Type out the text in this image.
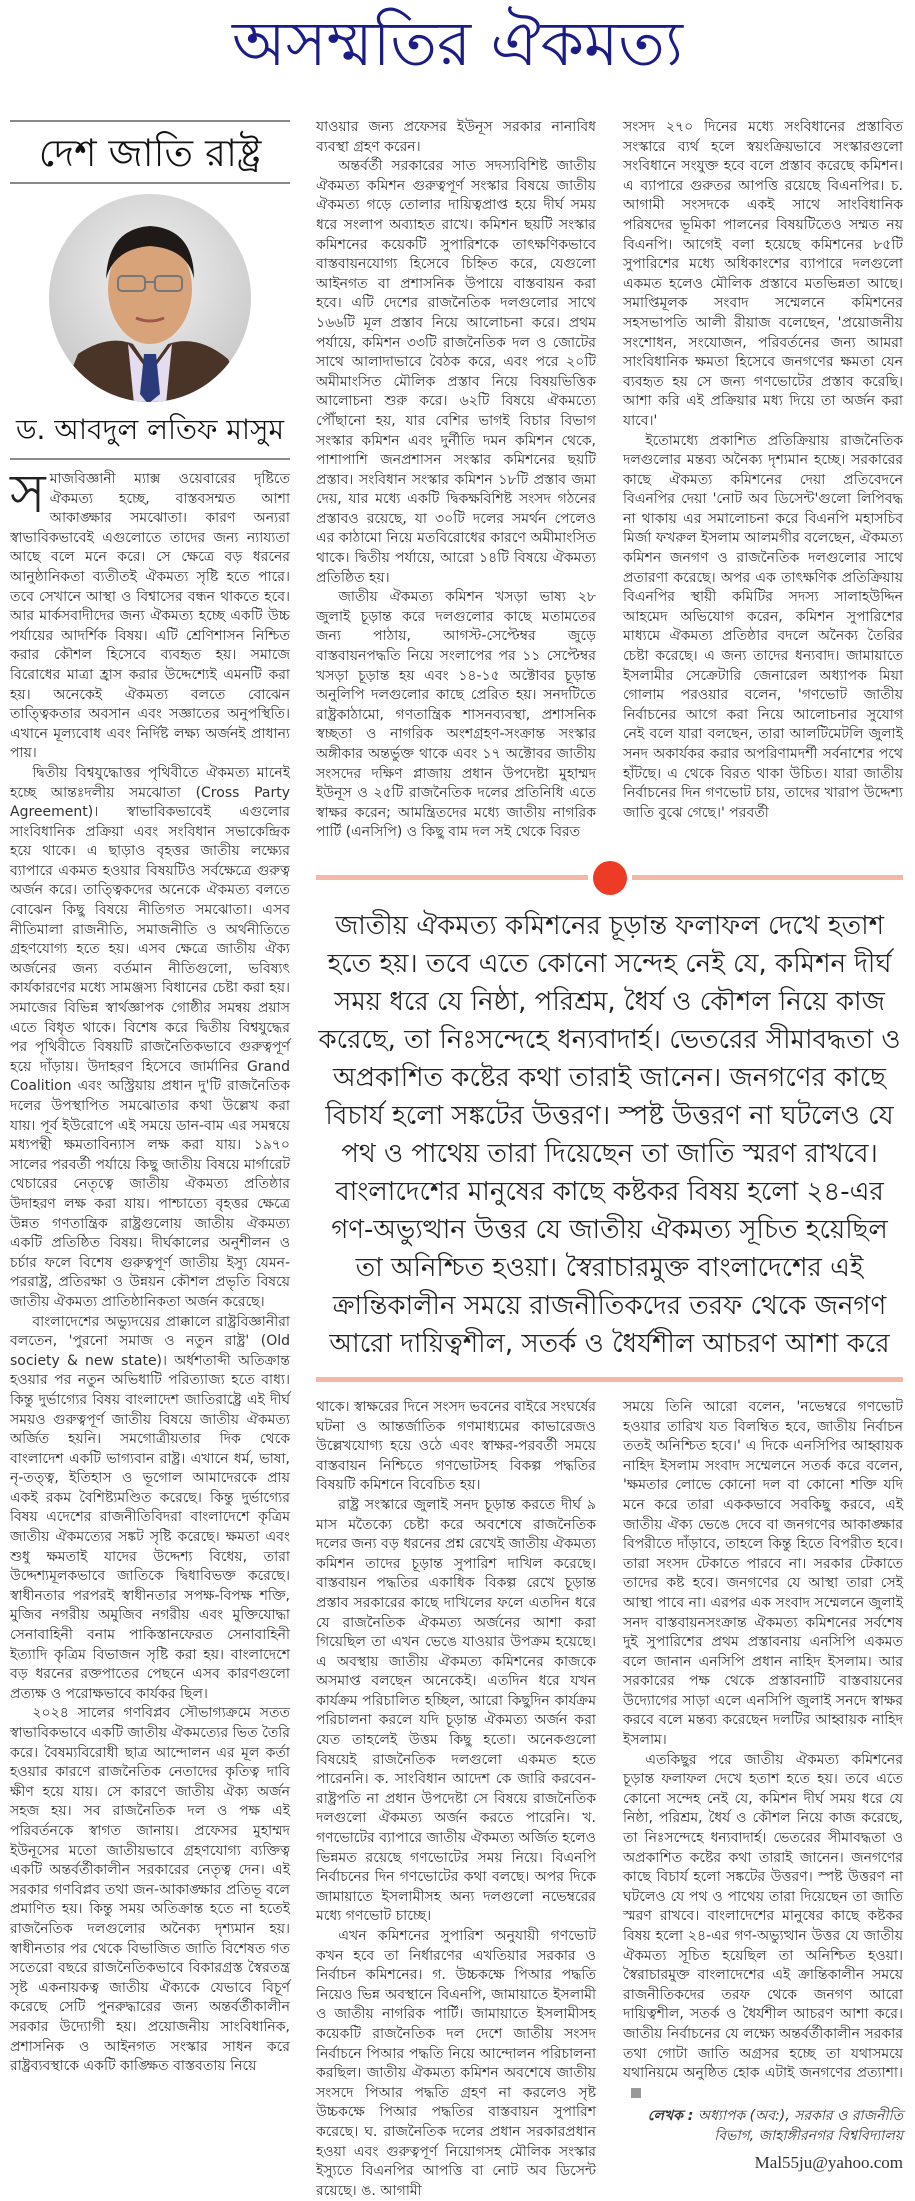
অসম্মতির ঐকমত্য
দেশ জাতি রাষ্ট্র
ড. আবদুল লতিফ মাসুম

সমাজবিজ্ঞানী ম্যাক্স ওয়েবারের দৃষ্টিতে ঐকমত্য হচ্ছে, বাস্তবসম্মত আশা আকাঙ্ক্ষার সমঝোতা। কারণ অন্যরা স্বাভাবিকভাবেই এগুলোতে তাদের জন্য ন্যায্যতা আছে বলে মনে করে। সে ক্ষেত্রে বড় ধরনের আনুষ্ঠানিকতা ব্যতীতই ঐকমত্য সৃষ্টি হতে পারে। তবে সেখানে আস্থা ও বিশ্বাসের বন্ধন থাকতে হবে। আর মার্কসবাদীদের জন্য ঐকমত্য হচ্ছে একটি উচ্চ পর্যায়ের আদর্শিক বিষয়। এটি শ্রেণিশাসন নিশ্চিত করার কৌশল হিসেবে ব্যবহৃত হয়। সমাজে বিরোধের মাত্রা হ্রাস করার উদ্দেশ্যেই এমনটি করা হয়। অনেকেই ঐকমত্য বলতে বোঝেন তাত্ত্বিকতার অবসান এবং সজ্ঞাতের অনুপস্থিতি। এখানে মূল্যবোধ এবং নির্দিষ্ট লক্ষ্য অর্জনই প্রাধান্য পায়।

দ্বিতীয় বিশ্বযুদ্ধোত্তর পৃথিবীতে ঐকমত্য মানেই হচ্ছে আন্তঃদলীয় সমঝোতা (Cross Party Agreement)। স্বাভাবিকভাবেই এগুলোর সাংবিধানিক প্রক্রিয়া এবং সংবিধান সভাকেন্দ্রিক হয়ে থাকে। এ ছাড়াও বৃহত্তর জাতীয় লক্ষ্যের ব্যাপারে একমত হওয়ার বিষয়টিও সর্বক্ষেত্রে গুরুত্ব অর্জন করে। তাত্ত্বিকদের অনেকে ঐকমত্য বলতে বোঝেন কিছু বিষয়ে নীতিগত সমঝোতা। এসব নীতিমালা রাজনীতি, সমাজনীতি ও অর্থনীতিতে গ্রহণযোগ্য হতে হয়। এসব ক্ষেত্রে জাতীয় ঐক্য অর্জনের জন্য বর্তমান নীতিগুলো, ভবিষ্যৎ কার্যকারণের মধ্যে সামঞ্জস্য বিধানের চেষ্টা করা হয়। সমাজের বিভিন্ন স্বার্থজ্ঞাপক গোষ্ঠীর সমন্বয় প্রয়াস এতে বিধৃত থাকে। বিশেষ করে দ্বিতীয় বিশ্বযুদ্ধের পর পৃথিবীতে বিষয়টি রাজনৈতিকভাবে গুরুত্বপূর্ণ হয়ে দাঁড়ায়। উদাহরণ হিসেবে জার্মানির Grand Coalition এবং অস্ট্রিয়ায় প্রধান দু'টি রাজনৈতিক দলের উপস্থাপিত সমঝোতার কথা উল্লেখ করা যায়। পূর্ব ইউরোপে এই সময়ে ডান-বাম এর সমন্বয়ে মধ্যপন্থী ক্ষমতাবিন্যাস লক্ষ করা যায়। ১৯৭০ সালের পরবর্তী পর্যায়ে কিছু জাতীয় বিষয়ে মার্গারেট থেচারের নেতৃত্বে জাতীয় ঐকমত্য প্রতিষ্ঠার উদাহরণ লক্ষ করা যায়। পাশ্চাত্যে বৃহত্তর ক্ষেত্রে উন্নত গণতান্ত্রিক রাষ্ট্রগুলোয় জাতীয় ঐকমত্য একটি প্রতিষ্ঠিত বিষয়। দীর্ঘকালের অনুশীলন ও চর্চার ফলে বিশেষ গুরুত্বপূর্ণ জাতীয় ইস্যু যেমন- পররাষ্ট্র, প্রতিরক্ষা ও উন্নয়ন কৌশল প্রভৃতি বিষয়ে জাতীয় ঐকমত্য প্রাতিষ্ঠানিকতা অর্জন করেছে।

বাংলাদেশের অভ্যুদয়ের প্রাক্কালে রাষ্ট্রবিজ্ঞানীরা বলতেন, 'পুরনো সমাজ ও নতুন রাষ্ট্র' (Old society & new state)। অর্ধশতাব্দী অতিক্রান্ত হওয়ার পর নতুন অভিধাটি পরিত্যাজ্য হতে বাধ্য। কিন্তু দুর্ভাগ্যের বিষয় বাংলাদেশ জাতিরাষ্ট্রে এই দীর্ঘ সময়ও গুরুত্বপূর্ণ জাতীয় বিষয়ে জাতীয় ঐকমত্য অর্জিত হয়নি। সমগোত্রীয়তার দিক থেকে বাংলাদেশ একটি ভাগ্যবান রাষ্ট্র। এখানে ধর্ম, ভাষা, নৃ-তত্ত্ব, ইতিহাস ও ভূগোল আমাদেরকে প্রায় একই রকম বৈশিষ্ট্যমণ্ডিত করেছে। কিন্তু দুর্ভাগ্যের বিষয় এদেশের রাজনীতিবিদরা বাংলাদেশে কৃত্রিম জাতীয় ঐকমত্যের সঙ্কট সৃষ্টি করেছে। ক্ষমতা এবং শুধু ক্ষমতাই যাদের উদ্দেশ্য বিধেয়, তারা উদ্দেশ্যমূলকভাবে জাতিকে দ্বিধাবিভক্ত করেছে। স্বাধীনতার পরপরই স্বাধীনতার সপক্ষ-বিপক্ষ শক্তি, মুজিব নগরীয় অমুজিব নগরীয় এবং মুক্তিযোদ্ধা সেনাবাহিনী বনাম পাকিস্তানফেরত সেনাবাহিনী ইত্যাদি কৃত্রিম বিভাজন সৃষ্টি করা হয়। বাংলাদেশে বড় ধরনের রক্তপাতের পেছনে এসব কারণগুলো প্রত্যক্ষ ও পরোক্ষভাবে কার্যকর ছিল।

২০২৪ সালের গণবিপ্লব সৌভাগ্যক্রমে সতত স্বাভাবিকভাবে একটি জাতীয় ঐকমত্যের ভিত তৈরি করে। বৈষম্যবিরোধী ছাত্র আন্দোলন এর মূল কর্তা হওয়ার কারণে রাজনৈতিক নেতাদের কৃতিত্ব দাবি ক্ষীণ হয়ে যায়। সে কারণে জাতীয় ঐক্য অর্জন সহজ হয়। সব রাজনৈতিক দল ও পক্ষ এই পরিবর্তনকে স্বাগত জানায়। প্রফেসর মুহাম্মদ ইউনূসের মতো জাতীয়ভাবে গ্রহণযোগ্য ব্যক্তিত্ব একটি অন্তর্বর্তীকালীন সরকারের নেতৃত্ব দেন। এই সরকার গণবিপ্লব তথা জন-আকাঙ্ক্ষার প্রতিভূ বলে প্রমাণিত হয়। কিন্তু সময় অতিক্রান্ত হতে না হতেই রাজনৈতিক দলগুলোর অনৈক্য দৃশ্যমান হয়। স্বাধীনতার পর থেকে বিভাজিত জাতি বিশেষত গত সতেরো বছরে রাজনৈতিকভাবে বিকারগ্রস্ত স্বৈরতন্ত্র সৃষ্ট একনায়কত্ব জাতীয় ঐক্যকে যেভাবে বিচূর্ণ করেছে সেটি পুনরুদ্ধারের জন্য অন্তর্বর্তীকালীন সরকার উদ্যোগী হয়। প্রয়োজনীয় সাংবিধানিক, প্রশাসনিক ও আইনগত সংস্কার সাধন করে রাষ্ট্রব্যবস্থাকে একটি কাঙ্ক্ষিত বাস্তবতায় নিয়ে

যাওয়ার জন্য প্রফেসর ইউনূস সরকার নানাবিধ ব্যবস্থা গ্রহণ করেন।

অন্তর্বর্তী সরকারের সাত সদস্যবিশিষ্ট জাতীয় ঐকমত্য কমিশন গুরুত্বপূর্ণ সংস্কার বিষয়ে জাতীয় ঐকমত্য গড়ে তোলার দায়িত্বপ্রাপ্ত হয়ে দীর্ঘ সময় ধরে সংলাপ অব্যাহত রাখে। কমিশন ছয়টি সংস্কার কমিশনের কয়েকটি সুপারিশকে তাৎক্ষণিকভাবে বাস্তবায়নযোগ্য হিসেবে চিহ্নিত করে, যেগুলো আইনগত বা প্রশাসনিক উপায়ে বাস্তবায়ন করা হবে। এটি দেশের রাজনৈতিক দলগুলোর সাথে ১৬৬টি মূল প্রস্তাব নিয়ে আলোচনা করে। প্রথম পর্যায়ে, কমিশন ৩৩টি রাজনৈতিক দল ও জোটের সাথে আলাদাভাবে বৈঠক করে, এবং পরে ২০টি অমীমাংসিত মৌলিক প্রস্তাব নিয়ে বিষয়ভিত্তিক আলোচনা শুরু করে। ৬২টি বিষয়ে ঐকমত্যে পৌঁছানো হয়, যার বেশির ভাগই বিচার বিভাগ সংস্কার কমিশন এবং দুর্নীতি দমন কমিশন থেকে, পাশাপাশি জনপ্রশাসন সংস্কার কমিশনের ছয়টি প্রস্তাব। সংবিধান সংস্কার কমিশন ১৮টি প্রস্তাব জমা দেয়, যার মধ্যে একটি দ্বিকক্ষবিশিষ্ট সংসদ গঠনের প্রস্তাবও রয়েছে, যা ৩০টি দলের সমর্থন পেলেও এর কাঠামো নিয়ে মতবিরোধের কারণে অমীমাংসিত থাকে। দ্বিতীয় পর্যায়ে, আরো ১৪টি বিষয়ে ঐকমত্য প্রতিষ্ঠিত হয়।

জাতীয় ঐকমত্য কমিশন খসড়া ভাষ্য ২৮ জুলাই চূড়ান্ত করে দলগুলোর কাছে মতামতের জন্য পাঠায়, আগস্ট-সেপ্টেম্বর জুড়ে বাস্তবায়নপদ্ধতি নিয়ে সংলাপের পর ১১ সেপ্টেম্বর খসড়া চূড়ান্ত হয় এবং ১৪-১৫ অক্টোবর চূড়ান্ত অনুলিপি দলগুলোর কাছে প্রেরিত হয়। সনদটিতে রাষ্ট্রকাঠামো, গণতান্ত্রিক শাসনব্যবস্থা, প্রশাসনিক স্বচ্ছতা ও নাগরিক অংশগ্রহণ-সংক্রান্ত সংস্কার অঙ্গীকার অন্তর্ভুক্ত থাকে এবং ১৭ অক্টোবর জাতীয় সংসদের দক্ষিণ প্লাজায় প্রধান উপদেষ্টা মুহাম্মদ ইউনূস ও ২৫টি রাজনৈতিক দলের প্রতিনিধি এতে স্বাক্ষর করেন; আমন্ত্রিতদের মধ্যে জাতীয় নাগরিক পার্টি (এনসিপি) ও কিছু বাম দল সই থেকে বিরত

সংসদ ২৭০ দিনের মধ্যে সংবিধানের প্রস্তাবিত সংস্কারে ব্যর্থ হলে স্বয়ংক্রিয়ভাবে সংস্কারগুলো সংবিধানে সংযুক্ত হবে বলে প্রস্তাব করেছে কমিশন। এ ব্যাপারে গুরুতর আপত্তি রয়েছে বিএনপির। চ. আগামী সংসদকে একই সাথে সাংবিধানিক পরিষদের ভূমিকা পালনের বিষয়টিতেও সম্মত নয় বিএনপি। আগেই বলা হয়েছে কমিশনের ৮৫টি সুপারিশের মধ্যে অধিকাংশের ব্যাপারে দলগুলো একমত হলেও মৌলিক প্রস্তাবে মতভিন্নতা আছে। সমাপ্তিমূলক সংবাদ সম্মেলনে কমিশনের সহসভাপতি আলী রীয়াজ বলেছেন, 'প্রয়োজনীয় সংশোধন, সংযোজন, পরিবর্তনের জন্য আমরা সাংবিধানিক ক্ষমতা হিসেবে জনগণের ক্ষমতা যেন ব্যবহৃত হয় সে জন্য গণভোটের প্রস্তাব করেছি। আশা করি এই প্রক্রিয়ার মধ্য দিয়ে তা অর্জন করা যাবে।'

ইতোমধ্যে প্রকাশিত প্রতিক্রিয়ায় রাজনৈতিক দলগুলোর মন্তব্য অনৈক্য দৃশ্যমান হচ্ছে। সরকারের কাছে ঐকমত্য কমিশনের দেয়া প্রতিবেদনে বিএনপির দেয়া 'নোট অব ডিসেন্ট'গুলো লিপিবদ্ধ না থাকায় এর সমালোচনা করে বিএনপি মহাসচিব মির্জা ফখরুল ইসলাম আলমগীর বলেছেন, ঐকমত্য কমিশন জনগণ ও রাজনৈতিক দলগুলোর সাথে প্রতারণা করেছে। অপর এক তাৎক্ষণিক প্রতিক্রিয়ায় বিএনপির স্থায়ী কমিটির সদস্য সালাহউদ্দিন আহমেদ অভিযোগ করেন, কমিশন সুপারিশের মাধ্যমে ঐকমত্য প্রতিষ্ঠার বদলে অনৈক্য তৈরির চেষ্টা করেছে। এ জন্য তাদের ধন্যবাদ। জামায়াতে ইসলামীর সেক্রেটারি জেনারেল অধ্যাপক মিয়া গোলাম পরওয়ার বলেন, 'গণভোট জাতীয় নির্বাচনের আগে করা নিয়ে আলোচনার সুযোগ নেই বলে যারা বলছেন, তারা আলটিমেটলি জুলাই সনদ অকার্যকর করার অপরিণামদর্শী সর্বনাশের পথে হাঁটছে। এ থেকে বিরত থাকা উচিত। যারা জাতীয় নির্বাচনের দিন গণভোট চায়, তাদের খারাপ উদ্দেশ্য জাতি বুঝে গেছে।' পরবর্তী

জাতীয় ঐকমত্য কমিশনের চূড়ান্ত ফলাফল দেখে হতাশ হতে হয়। তবে এতে কোনো সন্দেহ নেই যে, কমিশন দীর্ঘ সময় ধরে যে নিষ্ঠা, পরিশ্রম, ধৈর্য ও কৌশল নিয়ে কাজ করেছে, তা নিঃসন্দেহে ধন্যবাদার্হ। ভেতরের সীমাবদ্ধতা ও অপ্রকাশিত কষ্টের কথা তারাই জানেন। জনগণের কাছে বিচার্য হলো সঙ্কটের উত্তরণ। স্পষ্ট উত্তরণ না ঘটলেও যে পথ ও পাথেয় তারা দিয়েছেন তা জাতি স্মরণ রাখবে। বাংলাদেশের মানুষের কাছে কষ্টকর বিষয় হলো ২৪-এর গণ-অভ্যুত্থান উত্তর যে জাতীয় ঐকমত্য সূচিত হয়েছিল তা অনিশ্চিত হওয়া। স্বৈরাচারমুক্ত বাংলাদেশের এই ক্রান্তিকালীন সময়ে রাজনীতিকদের তরফ থেকে জনগণ আরো দায়িত্বশীল, সতর্ক ও ধৈর্যশীল আচরণ আশা করে

থাকে। স্বাক্ষরের দিনে সংসদ ভবনের বাইরে সংঘর্ষের ঘটনা ও আন্তর্জাতিক গণমাধ্যমের কাভারেজও উল্লেখযোগ্য হয়ে ওঠে এবং স্বাক্ষর-পরবর্তী সময়ে বাস্তবায়ন নিশ্চিতে গণভোটসহ বিকল্প পদ্ধতির বিষয়টি কমিশনে বিবেচিত হয়।

রাষ্ট্র সংস্কারে জুলাই সনদ চূড়ান্ত করতে দীর্ঘ ৯ মাস মতৈক্যে চেষ্টা করে অবশেষে রাজনৈতিক দলের জন্য বড় ধরনের প্রশ্ন রেখেই জাতীয় ঐকমত্য কমিশন তাদের চূড়ান্ত সুপারিশ দাখিল করেছে। বাস্তবায়ন পদ্ধতির একাধিক বিকল্প রেখে চূড়ান্ত প্রস্তাব সরকারের কাছে দাখিলের ফলে এতদিন ধরে যে রাজনৈতিক ঐকমত্য অর্জনের আশা করা গিয়েছিল তা এখন ভেঙে যাওয়ার উপক্রম হয়েছে। এ অবস্থায় জাতীয় ঐকমত্য কমিশনের কাজকে অসমাপ্ত বলছেন অনেকেই। এতদিন ধরে যখন কার্যক্রম পরিচালিত হচ্ছিল, আরো কিছুদিন কার্যক্রম পরিচালনা করলে যদি চূড়ান্ত ঐকমত্য অর্জন করা যেত তাহলেই উত্তম কিছু হতো। অনেকগুলো বিষয়েই রাজনৈতিক দলগুলো একমত হতে পারেননি। ক. সাংবিধান আদেশ কে জারি করবেন- রাষ্ট্রপতি না প্রধান উপদেষ্টা সে বিষয়ে রাজনৈতিক দলগুলো ঐকমত্য অর্জন করতে পারেনি। খ. গণভোটের ব্যাপারে জাতীয় ঐকমত্য অর্জিত হলেও ভিন্নমত রয়েছে গণভোটের সময় নিয়ে। বিএনপি নির্বাচনের দিন গণভোটের কথা বলছে। অপর দিকে জামায়াতে ইসলামীসহ অন্য দলগুলো নভেম্বরের মধ্যে গণভোট চাচ্ছে।

এখন কমিশনের সুপারিশ অনুযায়ী গণভোট কখন হবে তা নির্ধারণের এখতিয়ার সরকার ও নির্বাচন কমিশনের। গ. উচ্চকক্ষে পিআর পদ্ধতি নিয়েও ভিন্ন অবস্থানে বিএনপি, জামায়াতে ইসলামী ও জাতীয় নাগরিক পার্টি। জামায়াতে ইসলামীসহ কয়েকটি রাজনৈতিক দল দেশে জাতীয় সংসদ নির্বাচনে পিআর পদ্ধতি নিয়ে আন্দোলন পরিচালনা করছিল। জাতীয় ঐকমত্য কমিশন অবশেষে জাতীয় সংসদে পিআর পদ্ধতি গ্রহণ না করলেও সৃষ্ট উচ্চকক্ষে পিআর পদ্ধতির বাস্তবায়ন সুপারিশ করেছে। ঘ. রাজনৈতিক দলের প্রধান সরকারপ্রধান হওয়া এবং গুরুত্বপূর্ণ নিয়োগসহ মৌলিক সংস্কার ইস্যুতে বিএনপির আপত্তি বা নোট অব ডিসেন্ট রয়েছে। ঙ. আগামী

সময়ে তিনি আরো বলেন, 'নভেম্বরে গণভোট হওয়ার তারিখ যত বিলম্বিত হবে, জাতীয় নির্বাচন ততই অনিশ্চিত হবে।' এ দিকে এনসিপির আহ্বায়ক নাহিদ ইসলাম সংবাদ সম্মেলনে সতর্ক করে বলেন, 'ক্ষমতার লোভে কোনো দল বা কোনো শক্তি যদি মনে করে তারা এককভাবে সবকিছু করবে, এই জাতীয় ঐক্য ভেঙে দেবে বা জনগণের আকাঙ্ক্ষার বিপরীতে দাঁড়াবে, তাহলে কিন্তু হিতে বিপরীত হবে। তারা সংসদ টেকাতে পারবে না। সরকার টেকাতে তাদের কষ্ট হবে। জনগণের যে আস্থা তারা সেই আস্থা পাবে না। এরপর এক সংবাদ সম্মেলনে জুলাই সনদ বাস্তবায়নসংক্রান্ত ঐকমত্য কমিশনের সর্বশেষ দুই সুপারিশের প্রথম প্রস্তাবনায় এনসিপি একমত বলে জানান এনসিপি প্রধান নাহিদ ইসলাম। আর সরকারের পক্ষ থেকে প্রস্তাবনাটি বাস্তবায়নের উদ্যোগের সাড়া এলে এনসিপি জুলাই সনদে স্বাক্ষর করবে বলে মন্তব্য করেছেন দলটির আহ্বায়ক নাহিদ ইসলাম।

এতকিছুর পরে জাতীয় ঐকমত্য কমিশনের চূড়ান্ত ফলাফল দেখে হতাশ হতে হয়। তবে এতে কোনো সন্দেহ নেই যে, কমিশন দীর্ঘ সময় ধরে যে নিষ্ঠা, পরিশ্রম, ধৈর্য ও কৌশল নিয়ে কাজ করেছে, তা নিঃসন্দেহে ধন্যবাদার্হ। ভেতরের সীমাবদ্ধতা ও অপ্রকাশিত কষ্টের কথা তারাই জানেন। জনগণের কাছে বিচার্য হলো সঙ্কটের উত্তরণ। স্পষ্ট উত্তরণ না ঘটলেও যে পথ ও পাথেয় তারা দিয়েছেন তা জাতি স্মরণ রাখবে। বাংলাদেশের মানুষের কাছে কষ্টকর বিষয় হলো ২৪-এর গণ-অভ্যুত্থান উত্তর যে জাতীয় ঐকমত্য সূচিত হয়েছিল তা অনিশ্চিত হওয়া। স্বৈরাচারমুক্ত বাংলাদেশের এই ক্রান্তিকালীন সময়ে রাজনীতিকদের তরফ থেকে জনগণ আরো দায়িত্বশীল, সতর্ক ও ধৈর্যশীল আচরণ আশা করে। জাতীয় নির্বাচনের যে লক্ষ্যে অন্তর্বর্তীকালীন সরকার তথা গোটা জাতি অগ্রসর হচ্ছে তা যথাসময়ে যথানিয়মে অনুষ্ঠিত হোক এটাই জনগণের প্রত্যাশা।

লেখক : অধ্যাপক (অব:), সরকার ও রাজনীতি বিভাগ, জাহাঙ্গীরনগর বিশ্ববিদ্যালয়

Mal55ju@yahoo.com
